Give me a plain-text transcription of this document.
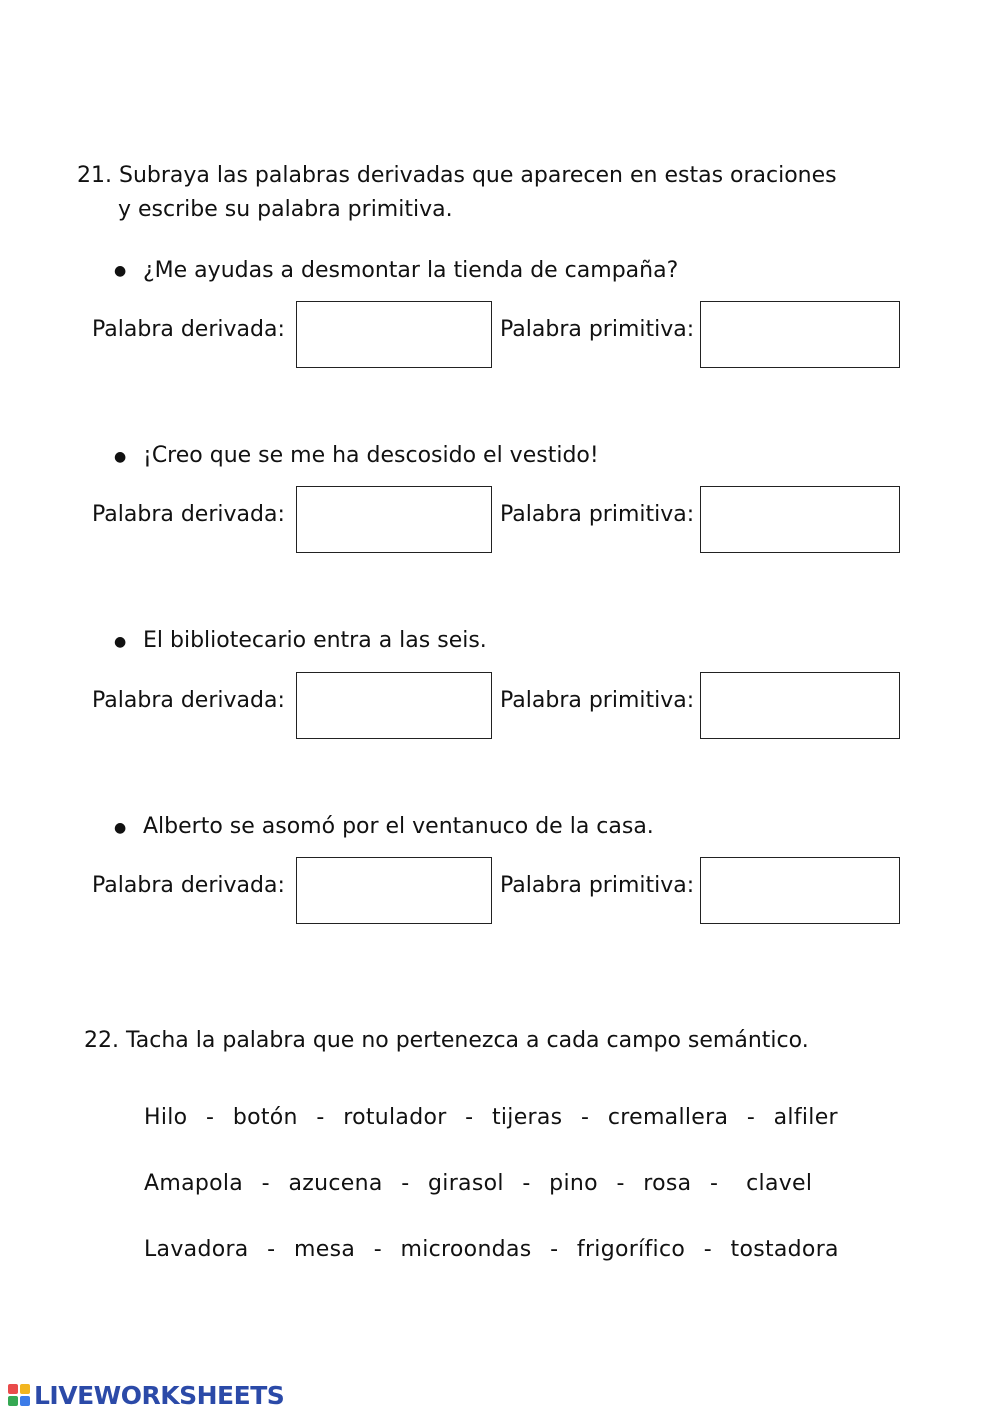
21. Subraya las palabras derivadas que aparecen en estas oraciones
y escribe su palabra primitiva.
● ¿Me ayudas a desmontar la tienda de campaña?
Palabra derivada:	Palabra primitiva:
● ¡Creo que se me ha descosido el vestido!
Palabra derivada:	Palabra primitiva:
● El bibliotecario entra a las seis.
Palabra derivada:	Palabra primitiva:
● Alberto se asomó por el ventanuco de la casa.
Palabra derivada:	Palabra primitiva:
22. Tacha la palabra que no pertenezca a cada campo semántico.
Hilo  -  botón  -  rotulador  -  tijeras  -  cremallera  -  alfiler
Amapola  -  azucena  -  girasol  -  pino  -  rosa  -   clavel
Lavadora  -  mesa  -  microondas  -  frigorífico  -  tostadora
LIVEWORKSHEETS
